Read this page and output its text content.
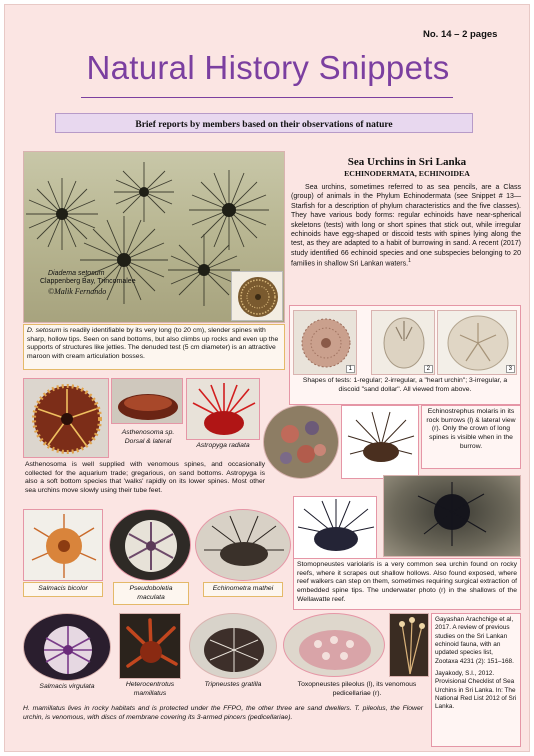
No. 14 – 2 pages
Natural History Snippets
Brief reports by members based on their observations of nature
Diadema setosum
Clappenberg Bay, Trincomalee
©Malik Fernando
D. setosum is readily identifiable by its very long (to 20 cm), slender spines with sharp, hollow tips. Seen on sand bottoms, but also climbs up rocks and even up the supports of structures like jetties. The denuded test (5 cm diameter) is an attractive maroon with cream articulation bosses.
Sea Urchins in Sri Lanka
ECHINODERMATA, ECHINOIDEA
Sea urchins, sometimes referred to as sea pencils, are a Class (group) of animals in the Phylum Echinodermata (see Snippet # 13—Starfish for a description of phylum characteristics and the five classes). They have various body forms: regular echinoids have near-spherical skeletons (tests) with long or short spines that stick out, while irregular echinoids have egg-shaped or discoid tests with spines lying along the test, as they are adapted to a habit of burrowing in sand. A recent (2017) study identified 66 echinoid species and one subspecies belonging to 20 families in shallow Sri Lankan waters.$^1$
1	2	3
Shapes of tests: 1-regular; 2-irregular, a "heart urchin"; 3-irregular, a discoid "sand dollar". All viewed from above.
Asthenosoma sp. Dorsal & lateral
Astropyga radiata
Asthenosoma is well supplied with venomous spines, and occasionally collected for the aquarium trade; gregarious, on sand bottoms. Astropyga is also a soft bottom species that 'walks' rapidly on its lower spines. Most other sea urchins move slowly using their tube feet.
Echinostrephus molaris in its rock burrows (l) & lateral view (r). Only the crown of long spines is visible when in the burrow.
Stomopneustes variolaris is a very common sea urchin found on rocky reefs, where it scrapes out shallow hollows. Also found exposed, where reef walkers can step on them, sometimes requiring surgical extraction of embedded spine tips. The underwater photo (r) in the shallows of the Wellawatte reef.
Salmacis bicolor	Pseudoboletia maculata
Echinometra mathei
Salmacis virgulata	Heterocentrotus mamillatus
Tripneustes gratilla	Toxopneustes pileolus (l), its venomous pedicellariae (r).
H. mamillatus lives in rocky habitats and is protected under the FFPO, the other three are sand dwellers. T. pileolus, the Flower urchin, is venomous, with discs of membrane covering its 3-armed pincers (pedicellariae).
Gayashan Arachchige et al, 2017. A review of previous studies on the Sri Lankan echinoid fauna, with an updated species list, Zootaxa 4231 (2): 151–168.
Jayakody, S.I., 2012. Provisional Checklist of Sea Urchins in Sri Lanka. In: The National Red List 2012 of Sri Lanka.
